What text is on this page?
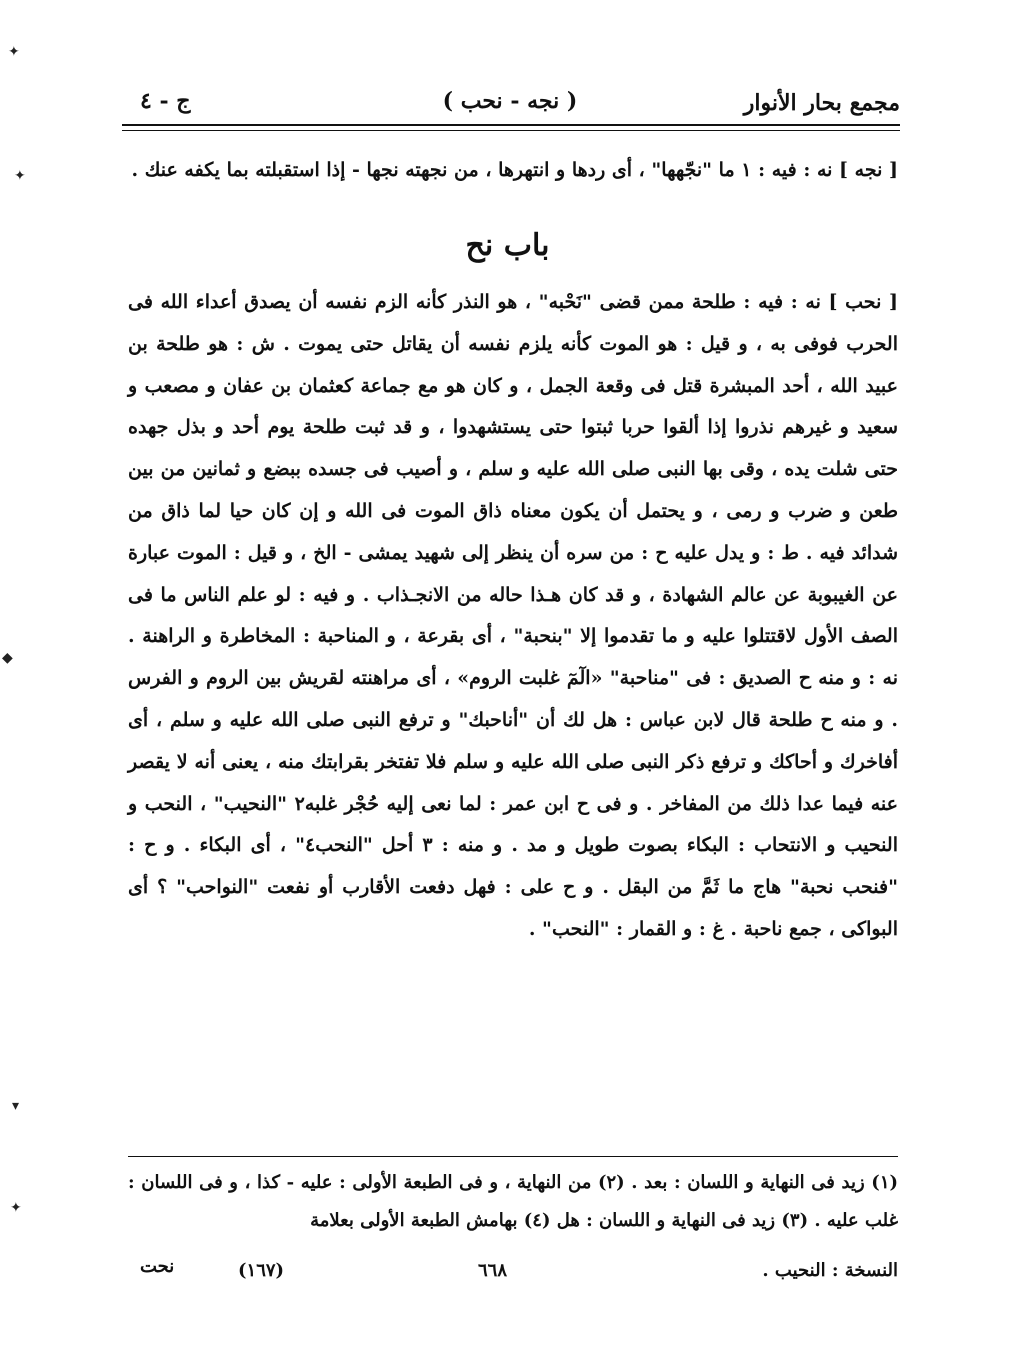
مجمع بحار الأنوار
( نجه - نحب )
ج - ٤

[ نجه ] نه : فيه : ١ ما "نجّهها" ، أى ردها و انتهرها ، من نجهته نجها - إذا استقبلته بما يكفه عنك .

باب نح

[ نحب ] نه : فيه : طلحة ممن قضى "نَحْبه" ، هو النذر كأنه الزم نفسه أن يصدق أعداء الله فى الحرب فوفى به ، و قيل : هو الموت كأنه يلزم نفسه أن يقاتل حتى يموت . ش : هو طلحة بن عبيد الله ، أحد المبشرة قتل فى وقعة الجمل ، و كان هو مع جماعة كعثمان بن عفان و مصعب و سعيد و غيرهم نذروا إذا ألقوا حربا ثبتوا حتى يستشهدوا ، و قد ثبت طلحة يوم أحد و بذل جهده حتى شلت يده ، وقى بها النبى صلى الله عليه و سلم ، و أصيب فى جسده ببضع و ثمانين من بين طعن و ضرب و رمى ، و يحتمل أن يكون معناه ذاق الموت فى الله و إن كان حيا لما ذاق من شدائد فيه . ط : و يدل عليه ح : من سره أن ينظر إلى شهيد يمشى - الخ ، و قيل : الموت عبارة عن الغيبوبة عن عالم الشهادة ، و قد كان هـذا حاله من الانجـذاب . و فيه : لو علم الناس ما فى الصف الأول لاقتتلوا عليه و ما تقدموا إلا "بنحبة" ، أى بقرعة ، و المناحبة : المخاطرة و الراهنة . نه : و منه ح الصديق : فى "مناحبة" «الٓمٓ غلبت الروم» ، أى مراهنته لقريش بين الروم و الفرس . و منه ح طلحة قال لابن عباس : هل لك أن "أناحبك" و ترفع النبى صلى الله عليه و سلم ، أى أفاخرك و أحاكك و ترفع ذكر النبى صلى الله عليه و سلم فلا تفتخر بقرابتك منه ، يعنى أنه لا يقصر عنه فيما عدا ذلك من المفاخر . و فى ح ابن عمر : لما نعى إليه حُجْر غلبه٢ "النحيب" ، النحب و النحيب و الانتحاب : البكاء بصوت طويل و مد . و منه : ٣ أحل "النحب٤" ، أى البكاء . و ح : "فنحب نحبة" هاج ما ثَمَّ من البقل . و ح على : فهل دفعت الأقارب أو نفعت "النواحب" ؟ أى البواكى ، جمع ناحبة . غ : و القمار : "النحب" .

(١) زيد فى النهاية و اللسان : بعد . (٢) من النهاية ، و فى الطبعة الأولى : عليه - كذا ، و فى اللسان : غلب عليه . (٣) زيد فى النهاية و اللسان : هل (٤) بهامش الطبعة الأولى بعلامة

النسخة : النحيب .
٦٦٨
(١٦٧)
نحت
✦
✦
▾
✦
◆
